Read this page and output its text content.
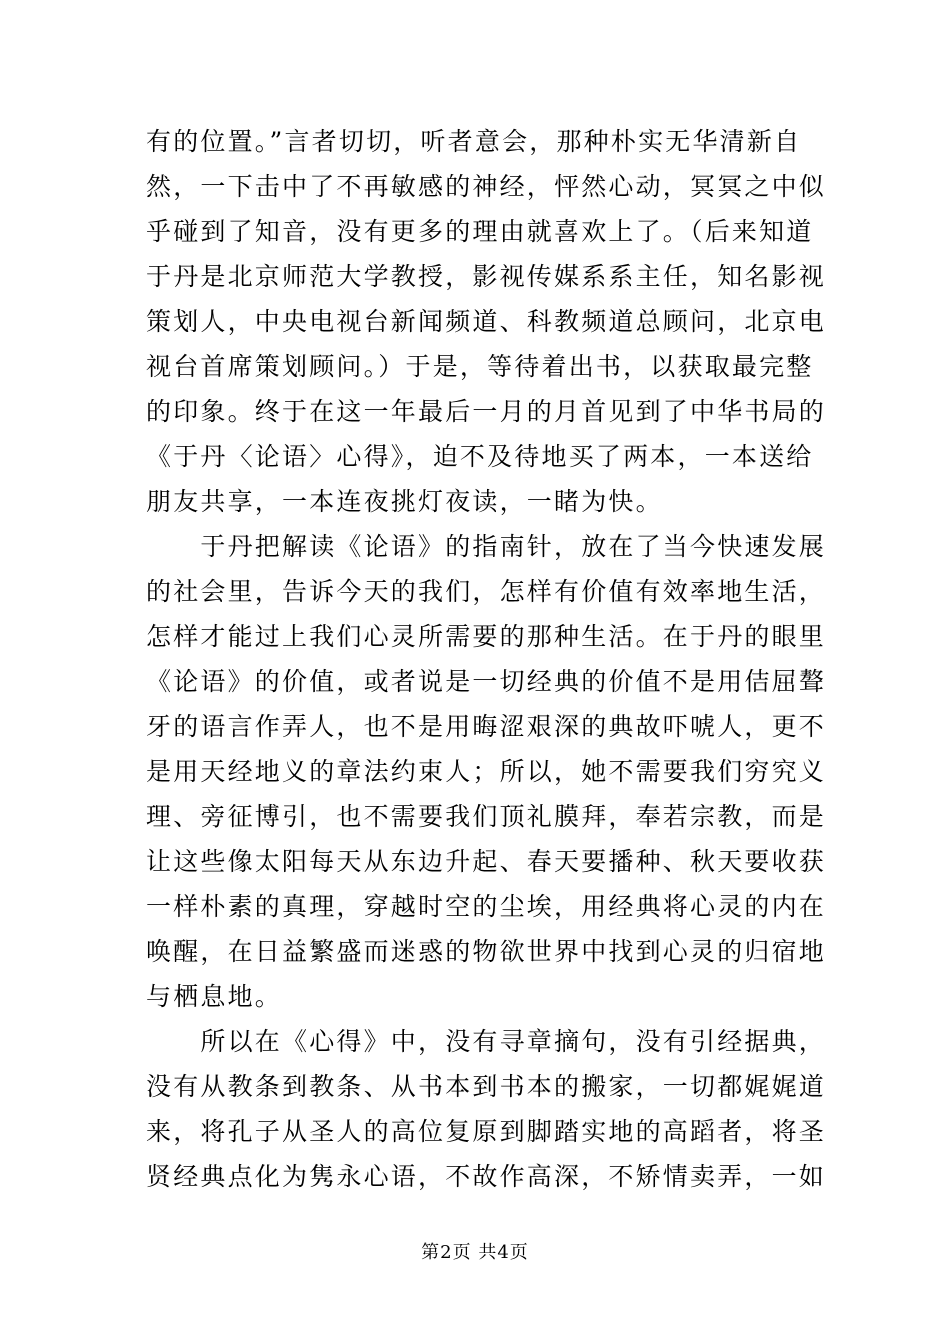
有的位置。”言者切切，听者意会，那种朴实无华清新自
然，一下击中了不再敏感的神经，怦然心动，冥冥之中似
乎碰到了知音，没有更多的理由就喜欢上了。（后来知道
于丹是北京师范大学教授，影视传媒系系主任，知名影视
策划人，中央电视台新闻频道、科教频道总顾问，北京电
视台首席策划顾问。）于是，等待着出书，以获取最完整
的印象。终于在这一年最后一月的月首见到了中华书局的
《于丹〈论语〉心得》，迫不及待地买了两本，一本送给
朋友共享，一本连夜挑灯夜读，一睹为快。
　　于丹把解读《论语》的指南针，放在了当今快速发展
的社会里，告诉今天的我们，怎样有价值有效率地生活，
怎样才能过上我们心灵所需要的那种生活。在于丹的眼里
《论语》的价值，或者说是一切经典的价值不是用佶屈聱
牙的语言作弄人，也不是用晦涩艰深的典故吓唬人，更不
是用天经地义的章法约束人；所以，她不需要我们穷究义
理、旁征博引，也不需要我们顶礼膜拜，奉若宗教，而是
让这些像太阳每天从东边升起、春天要播种、秋天要收获
一样朴素的真理，穿越时空的尘埃，用经典将心灵的内在
唤醒，在日益繁盛而迷惑的物欲世界中找到心灵的归宿地
与栖息地。
　　所以在《心得》中，没有寻章摘句，没有引经据典，
没有从教条到教条、从书本到书本的搬家，一切都娓娓道
来，将孔子从圣人的高位复原到脚踏实地的高蹈者，将圣
贤经典点化为隽永心语，不故作高深，不矫情卖弄，一如
第2页 共4页
